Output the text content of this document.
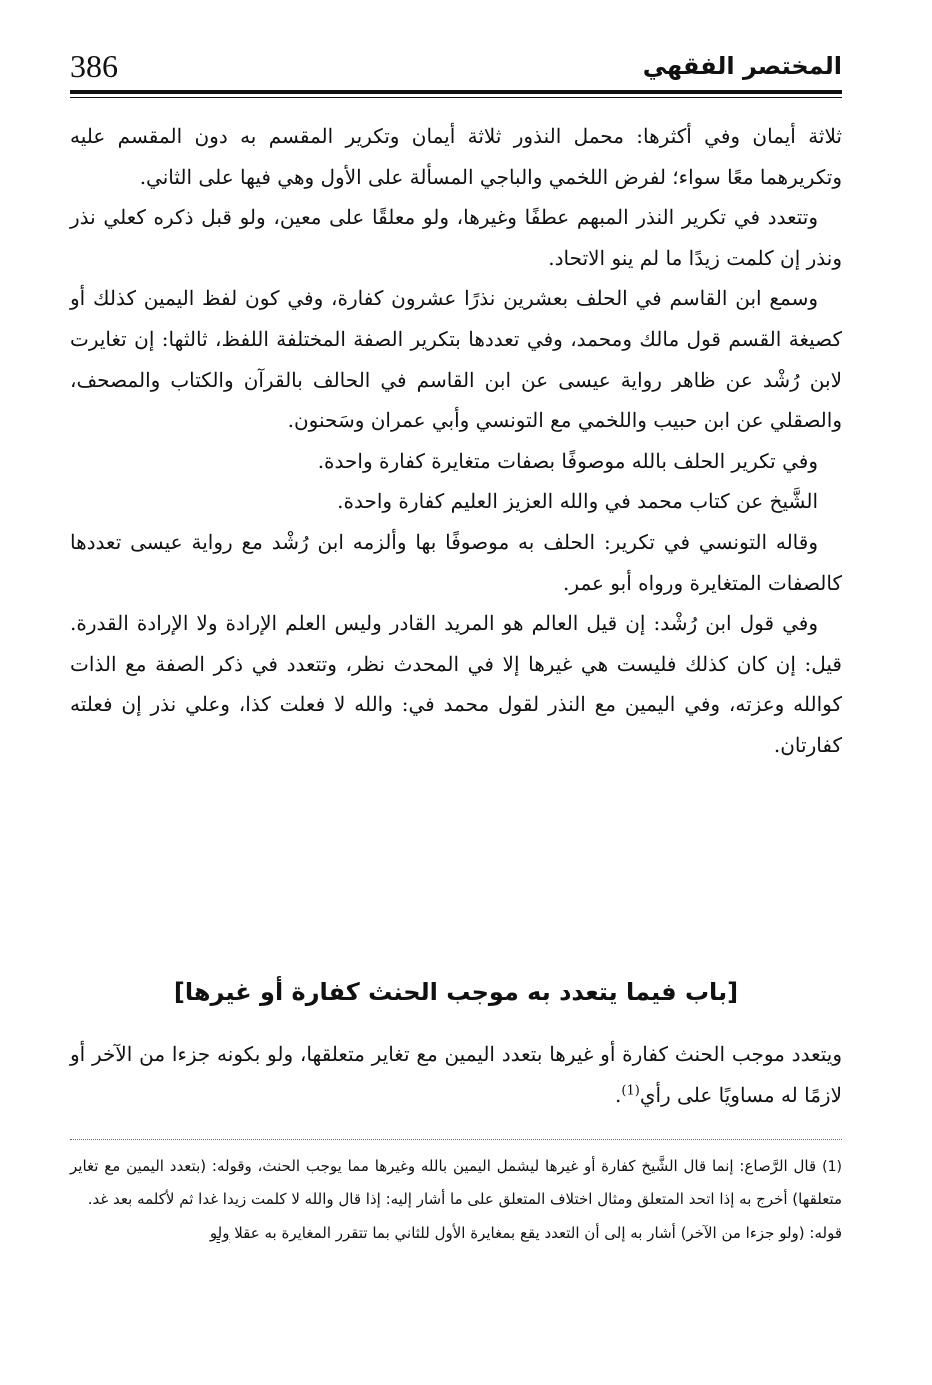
386	المختصر الفقهي

ثلاثة أيمان وفي أكثرها: محمل النذور ثلاثة أيمان وتكرير المقسم به دون المقسم عليه وتكريرهما معًا سواء؛ لفرض اللخمي والباجي المسألة على الأول وهي فيها على الثاني.

وتتعدد في تكرير النذر المبهم عطفًا وغيرها، ولو معلقًا على معين، ولو قبل ذكره كعلي نذر ونذر إن كلمت زيدًا ما لم ينو الاتحاد.

وسمع ابن القاسم في الحلف بعشرين نذرًا عشرون كفارة، وفي كون لفظ اليمين كذلك أو كصيغة القسم قول مالك ومحمد، وفي تعددها بتكرير الصفة المختلفة اللفظ، ثالثها: إن تغايرت لابن رُشْد عن ظاهر رواية عيسى عن ابن القاسم في الحالف بالقرآن والكتاب والمصحف، والصقلي عن ابن حبيب واللخمي مع التونسي وأبي عمران وسَحنون.

وفي تكرير الحلف بالله موصوفًا بصفات متغايرة كفارة واحدة.

الشَّيخ عن كتاب محمد في والله العزيز العليم كفارة واحدة.

وقاله التونسي في تكرير: الحلف به موصوفًا بها وألزمه ابن رُشْد مع رواية عيسى تعددها كالصفات المتغايرة ورواه أبو عمر.

وفي قول ابن رُشْد: إن قيل العالم هو المريد القادر وليس العلم الإرادة ولا الإرادة القدرة. قيل: إن كان كذلك فليست هي غيرها إلا في المحدث نظر، وتتعدد في ذكر الصفة مع الذات كوالله وعزته، وفي اليمين مع النذر لقول محمد في: والله لا فعلت كذا، وعلي نذر إن فعلته كفارتان.

[باب فيما يتعدد به موجب الحنث كفارة أو غيرها]
ويتعدد موجب الحنث كفارة أو غيرها بتعدد اليمين مع تغاير متعلقها، ولو بكونه جزءا من الآخر أو لازمًا له مساويًا على رأي$^{(1)}$.

(1)قال الرَّصاع: إنما قال الشَّيخ كفارة أو غيرها ليشمل اليمين بالله وغيرها مما يوجب الحنث، وقوله: (بتعدد اليمين مع تغاير متعلقها) أخرج به إذا اتحد المتعلق ومثال اختلاف المتعلق على ما أشار إليه: إذا قال والله لا كلمت زيدا غدا ثم لأكلمه بعد غد.

قوله: (ولو جزءا من الآخر) أشار به إلى أن التعدد يقع بمغايرة الأول للثاني بما تتقرر المغايرة به عقلا ولو
